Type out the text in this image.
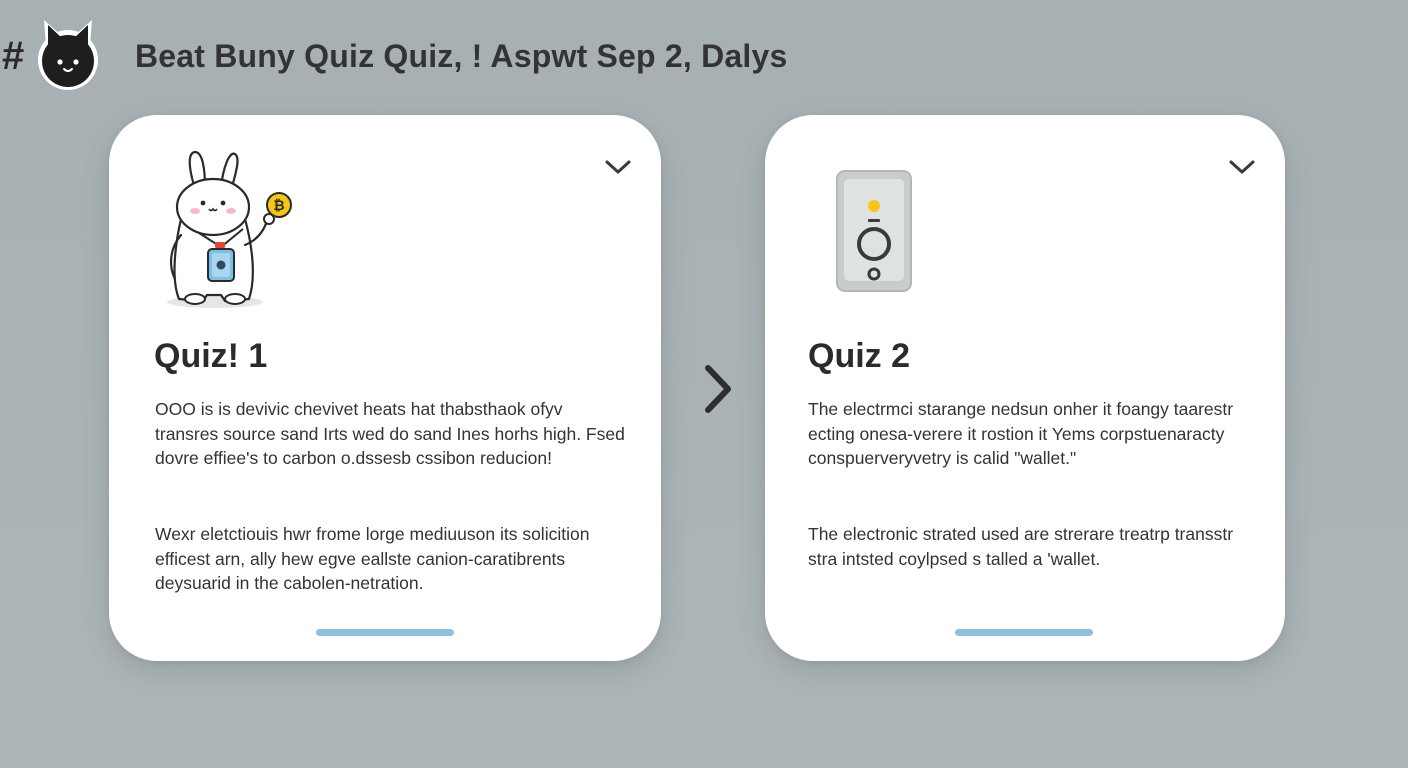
#	Beat Buny Quiz Quiz, ! Aspwt Sep 2, Dalys
₿
Quiz! 1

OOO is is devivic chevivet heats hat thabsthaok ofyv transres source sand Irts wed do sand Ines horhs high. Fsed dovre effiee's to carbon o.dssesb cssibon reducion!

Wexr eletctiouis hwr frome lorge mediuuson its solicition efficest arn, ally hew egve eallste canion-caratibrents deysuarid in the cabolen-netration.

Quiz 2

The electrmci starange nedsun onher it foangy taarestr ecting onesa-verere it rostion it Yems corpstuenaracty conspuerveryvetry is calid "wallet."

The electronic strated used are strerare treatrp transstr stra intsted coylpsed s talled a 'wallet.
